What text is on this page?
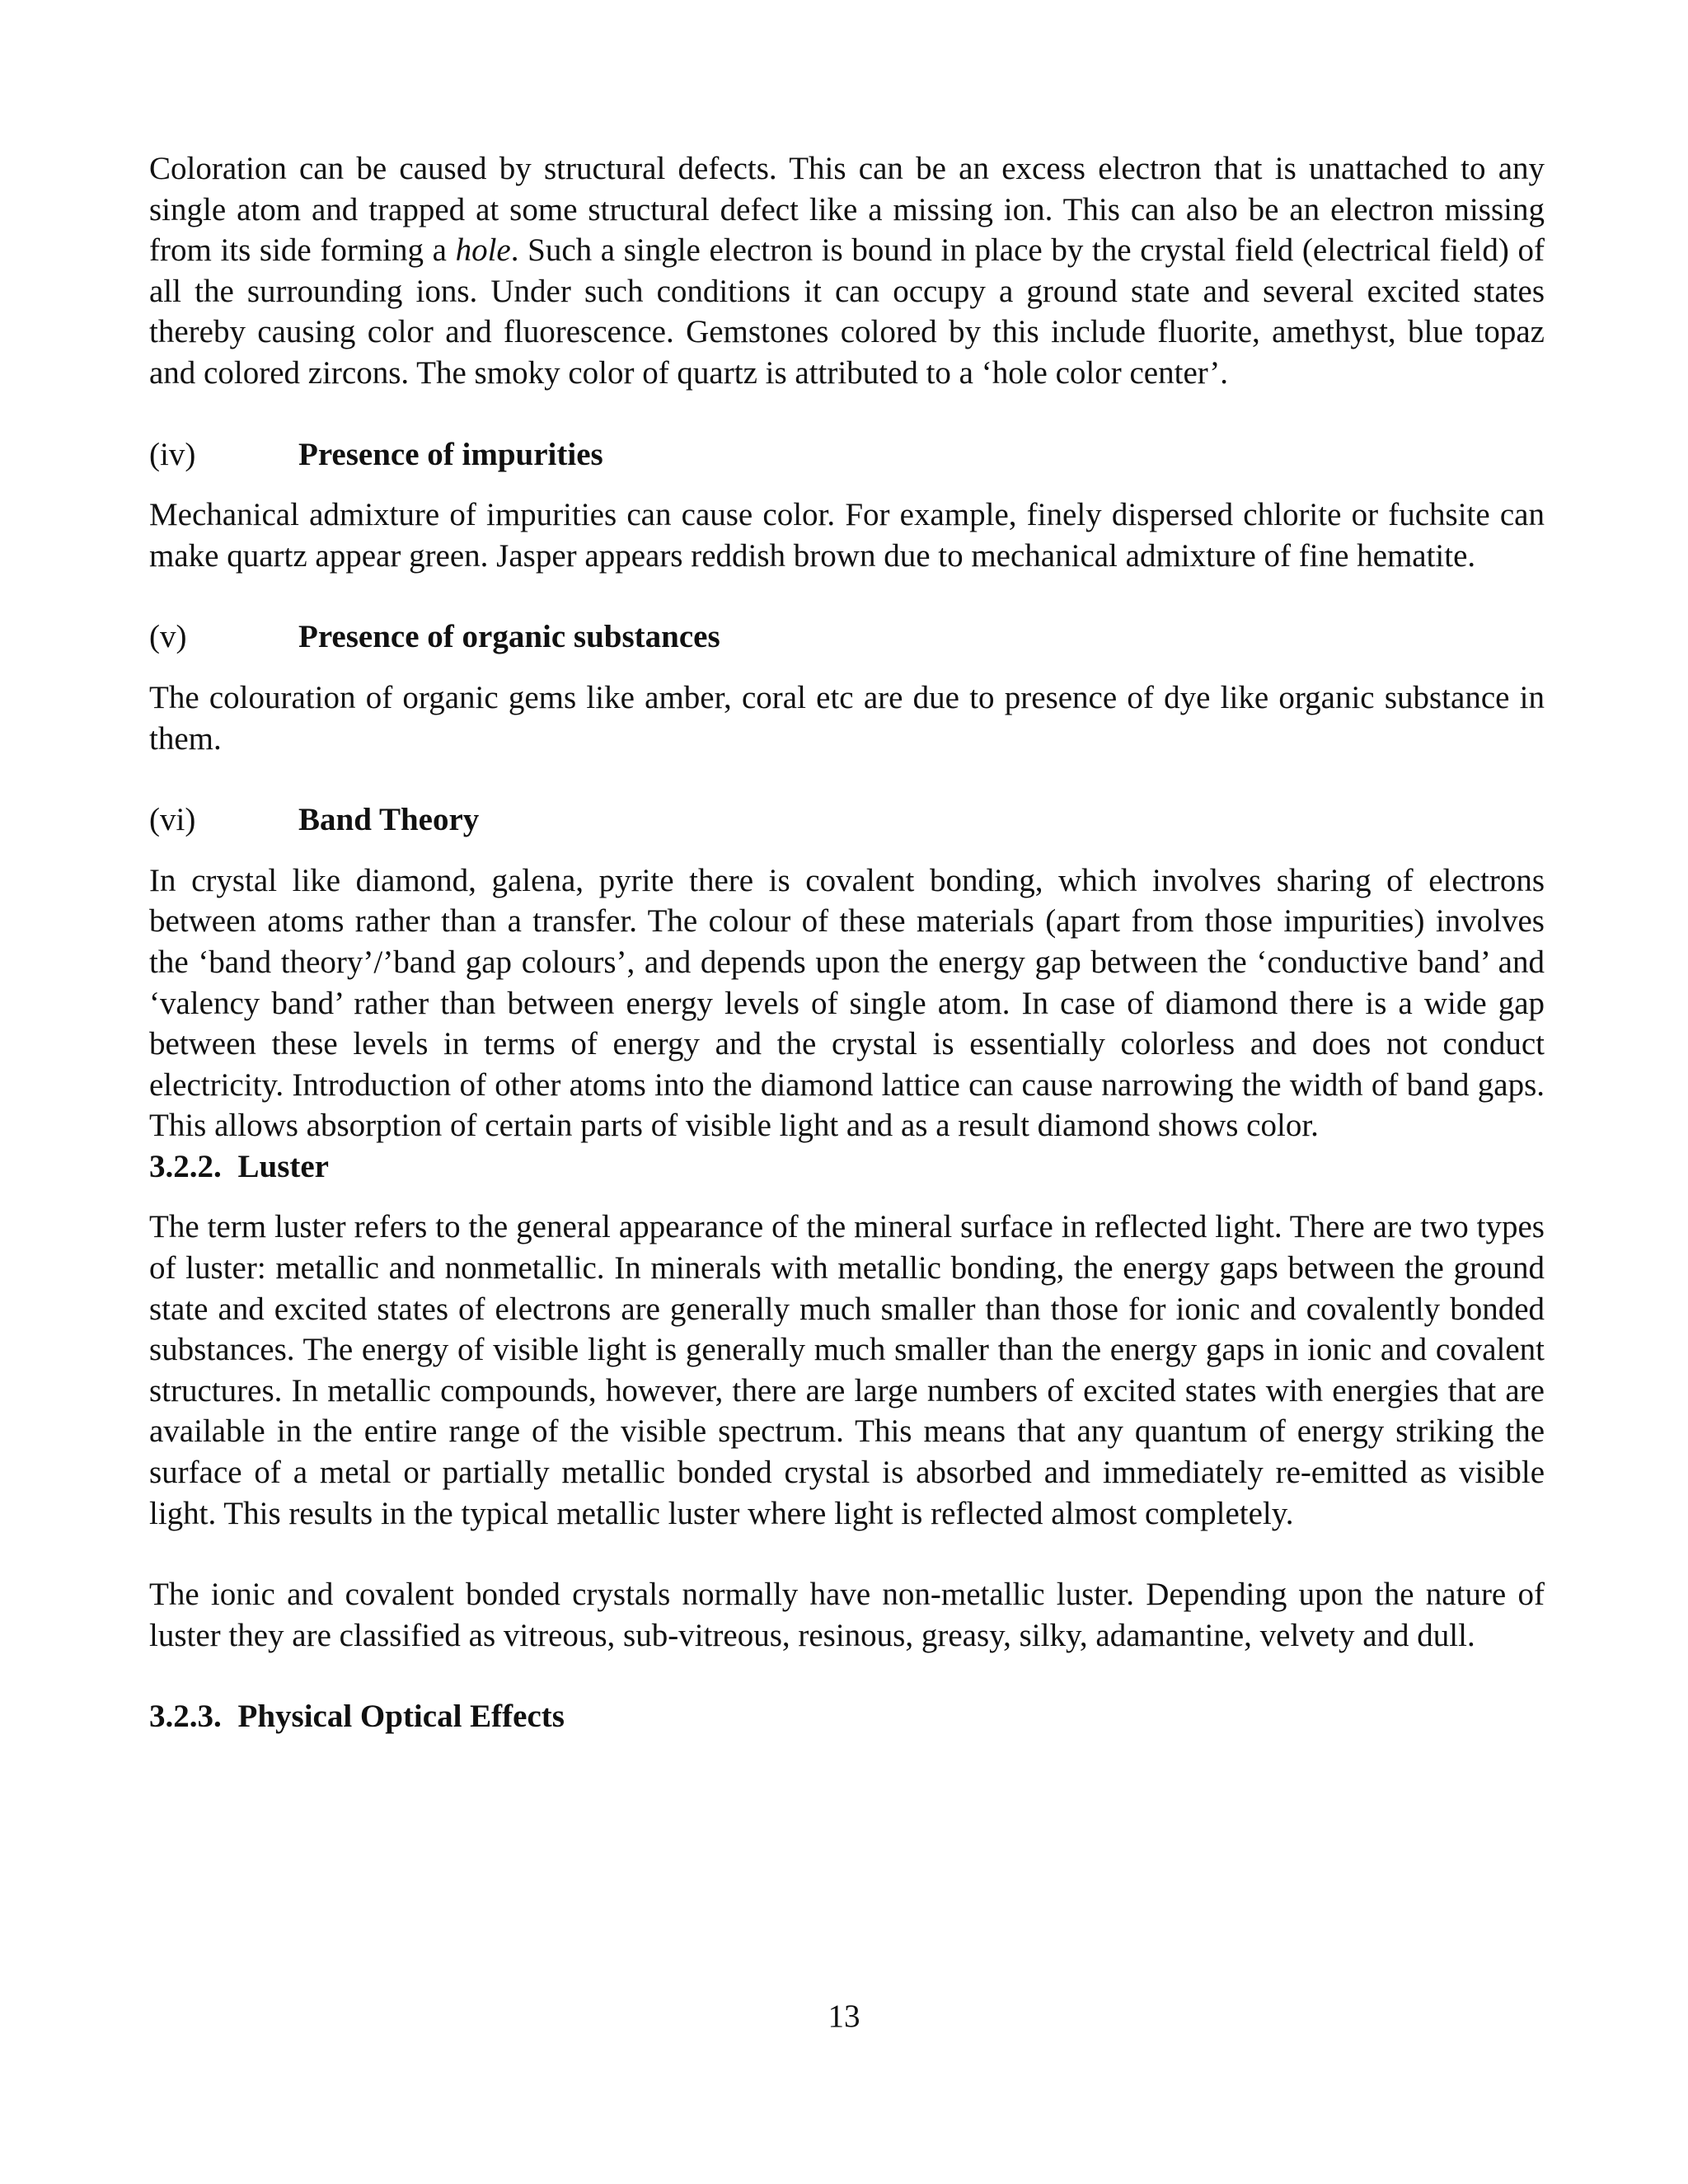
Coloration can be caused by structural defects. This can be an excess electron that is unattached to any single atom and trapped at some structural defect like a missing ion. This can also be an electron missing from its side forming a hole. Such a single electron is bound in place by the crystal field (electrical field) of all the surrounding ions. Under such conditions it can occupy a ground state and several excited states thereby causing color and fluorescence. Gemstones colored by this include fluorite, amethyst, blue topaz and colored zircons. The smoky color of quartz is attributed to a ‘hole color center’.

(iv)	Presence of impurities

Mechanical admixture of impurities can cause color. For example, finely dispersed chlorite or fuchsite can make quartz appear green. Jasper appears reddish brown due to mechanical admixture of fine hematite.

(v)	Presence of organic substances

The colouration of organic gems like amber, coral etc are due to presence of dye like organic substance in them.

(vi)	Band Theory

In crystal like diamond, galena, pyrite there is covalent bonding, which involves sharing of electrons between atoms rather than a transfer. The colour of these materials (apart from those impurities) involves the ‘band theory’/’band gap colours’, and depends upon the energy gap between the ‘conductive band’ and ‘valency band’ rather than between energy levels of single atom. In case of diamond there is a wide gap between these levels in terms of energy and the crystal is essentially colorless and does not conduct electricity. Introduction of other atoms into the diamond lattice can cause narrowing the width of band gaps. This allows absorption of certain parts of visible light and as a result diamond shows color.

3.2.2. Luster

The term luster refers to the general appearance of the mineral surface in reflected light. There are two types of luster: metallic and nonmetallic. In minerals with metallic bonding, the energy gaps between the ground state and excited states of electrons are generally much smaller than those for ionic and covalently bonded substances. The energy of visible light is generally much smaller than the energy gaps in ionic and covalent structures. In metallic compounds, however, there are large numbers of excited states with energies that are available in the entire range of the visible spectrum. This means that any quantum of energy striking the surface of a metal or partially metallic bonded crystal is absorbed and immediately re-emitted as visible light. This results in the typical metallic luster where light is reflected almost completely.

The ionic and covalent bonded crystals normally have non-metallic luster. Depending upon the nature of luster they are classified as vitreous, sub-vitreous, resinous, greasy, silky, adamantine, velvety and dull.

3.2.3. Physical Optical Effects
13
